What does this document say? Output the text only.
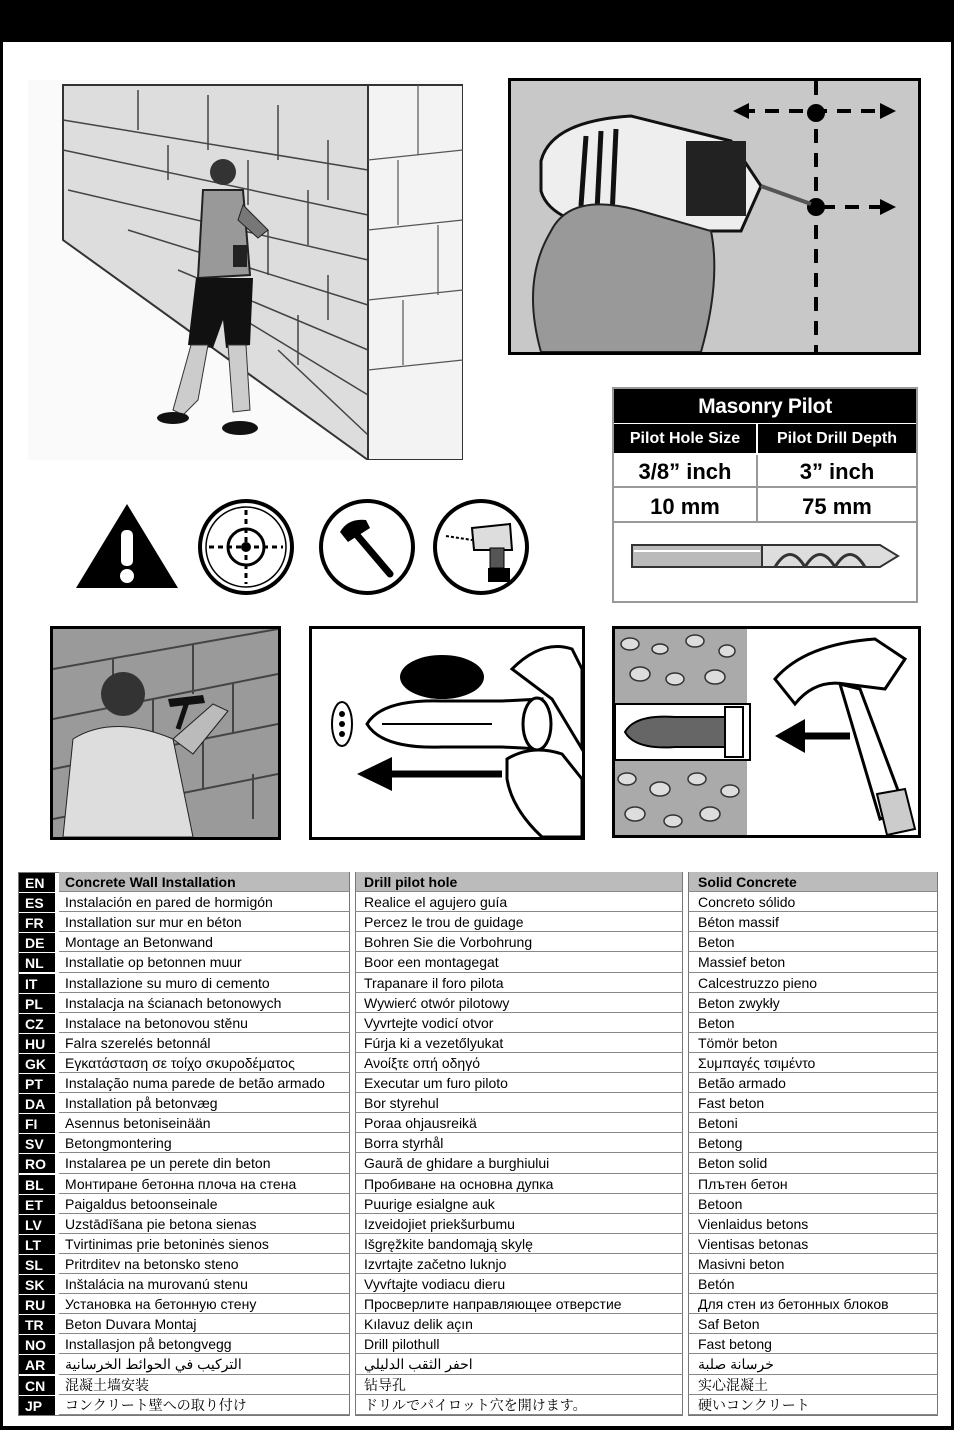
Masonry Pilot
Pilot Hole Size	Pilot Drill Depth
3/8” inch	3” inch
10 mm	75 mm
EN	Concrete Wall Installation	Drill pilot hole	Solid Concrete
ES	Instalación en pared de hormigón	Realice el agujero guía	Concreto sólido
FR	Installation sur mur en béton	Percez le trou de guidage	Béton massif
DE	Montage an Betonwand	Bohren Sie die Vorbohrung	Beton
NL	Installatie op betonnen muur	Boor een montagegat	Massief beton
IT	Installazione su muro di cemento	Trapanare il foro pilota	Calcestruzzo pieno
PL	Instalacja na ścianach betonowych	Wywierć otwór pilotowy	Beton zwykły
CZ	Instalace na betonovou stěnu	Vyvrtejte vodicí otvor	Beton
HU	Falra szerelés betonnál	Fúrja ki a vezetőlyukat	Tömör beton
GK	Εγκατάσταση σε τοίχο σκυροδέματος	Ανοίξτε οπή οδηγό	Συμπαγές τσιμέντο
PT	Instalação numa parede de betão armado	Executar um furo piloto	Betão armado
DA	Installation på betonvæg	Bor styrehul	Fast beton
FI	Asennus betoniseinään	Poraa ohjausreikä	Betoni
SV	Betongmontering	Borra styrhål	Betong
RO	Instalarea pe un perete din beton	Gaură de ghidare a burghiului	Beton solid
BL	Монтиране бетонна плоча на стена	Пробиване на основна дупка	Плътен бетон
ET	Paigaldus betoonseinale	Puurige esialgne auk	Betoon
LV	Uzstādīšana pie betona sienas	Izveidojiet priekšurbumu	Vienlaidus betons
LT	Tvirtinimas prie betoninės sienos	Išgręžkite bandomąją skylę	Vientisas betonas
SL	Pritrditev na betonsko steno	Izvrtajte začetno luknjo	Masivni beton
SK	Inštalácia na murovanú stenu	Vyvŕtajte vodiacu dieru	Betón
RU	Установка на бетонную стену	Просверлите направляющее отверстие	Для стен из бетонных блоков
TR	Beton Duvara Montaj	Kılavuz delik açın	Saf Beton
NO	Installasjon på betongvegg	Drill pilothull	Fast betong
AR	التركيب في الحوائط الخرسانية	احفر الثقب الدليلي	خرسانة صلبة
CN	混凝土墙安装	钻导孔	实心混凝土
JP	コンクリート壁への取り付け	ドリルでパイロット穴を開けます。	硬いコンクリート
